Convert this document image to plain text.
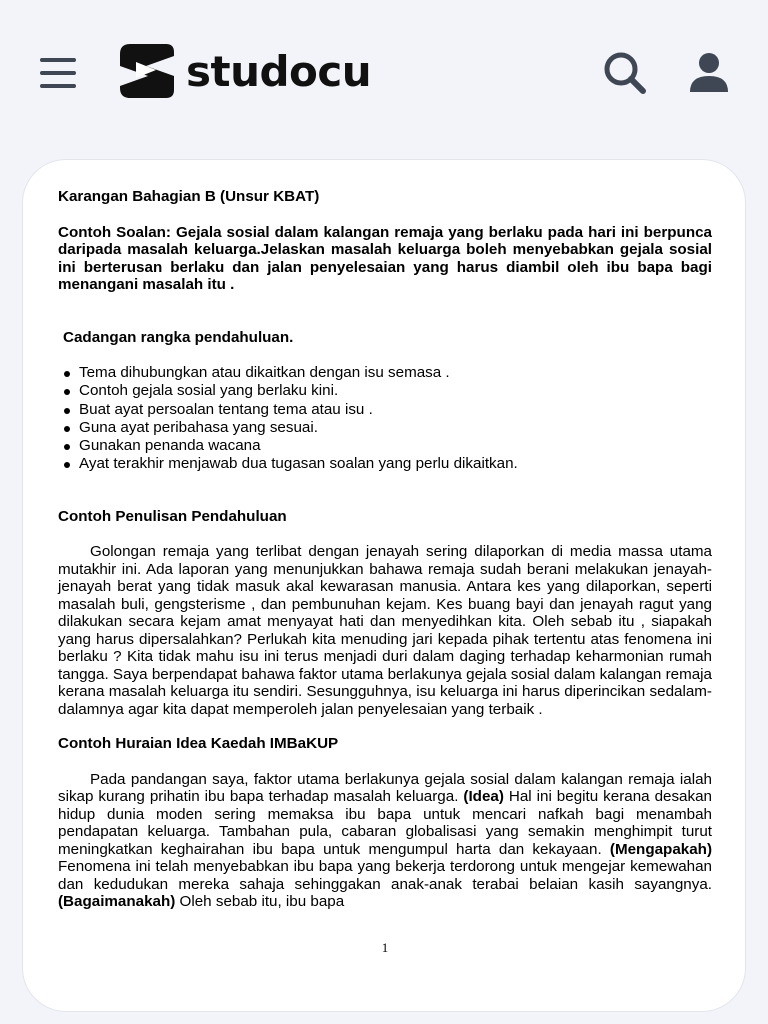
studocu

Karangan Bahagian B (Unsur KBAT)

Contoh Soalan: Gejala sosial dalam kalangan remaja yang berlaku pada hari ini berpunca daripada masalah keluarga.Jelaskan masalah keluarga boleh menyebabkan gejala sosial ini berterusan berlaku dan jalan penyelesaian yang harus diambil oleh ibu bapa bagi menangani masalah itu .

Cadangan rangka pendahuluan.

Tema dihubungkan atau dikaitkan dengan isu semasa .
Contoh gejala sosial yang berlaku kini.
Buat ayat persoalan tentang tema atau isu .
Guna ayat peribahasa yang sesuai.
Gunakan penanda wacana
Ayat terakhir menjawab dua tugasan soalan yang perlu dikaitkan.

Contoh Penulisan Pendahuluan

Golongan remaja yang terlibat dengan jenayah sering dilaporkan di media massa utama mutakhir ini. Ada laporan yang menunjukkan bahawa remaja sudah berani melakukan jenayah-jenayah berat yang tidak masuk akal kewarasan manusia. Antara kes yang dilaporkan, seperti masalah buli, gengsterisme , dan pembunuhan kejam. Kes buang bayi dan jenayah ragut yang dilakukan secara kejam amat menyayat hati dan menyedihkan kita. Oleh sebab itu , siapakah yang harus dipersalahkan? Perlukah kita menuding jari kepada pihak tertentu atas fenomena ini berlaku ? Kita tidak mahu isu ini terus menjadi duri dalam daging terhadap keharmonian rumah tangga. Saya berpendapat bahawa faktor utama berlakunya gejala sosial dalam kalangan remaja kerana masalah keluarga itu sendiri. Sesungguhnya, isu keluarga ini harus diperincikan sedalam-dalamnya agar kita dapat memperoleh jalan penyelesaian yang terbaik .

Contoh Huraian Idea Kaedah IMBaKUP

Pada pandangan saya, faktor utama berlakunya gejala sosial dalam kalangan remaja ialah sikap kurang prihatin ibu bapa terhadap masalah keluarga. (Idea) Hal ini begitu kerana desakan hidup dunia moden sering memaksa ibu bapa untuk mencari nafkah bagi menambah pendapatan keluarga. Tambahan pula, cabaran globalisasi yang semakin menghimpit turut meningkatkan keghairahan ibu bapa untuk mengumpul harta dan kekayaan. (Mengapakah) Fenomena ini telah menyebabkan ibu bapa yang bekerja terdorong untuk mengejar kemewahan dan kedudukan mereka sahaja sehinggakan anak-anak terabai belaian kasih sayangnya. (Bagaimanakah) Oleh sebab itu, ibu bapa

1
